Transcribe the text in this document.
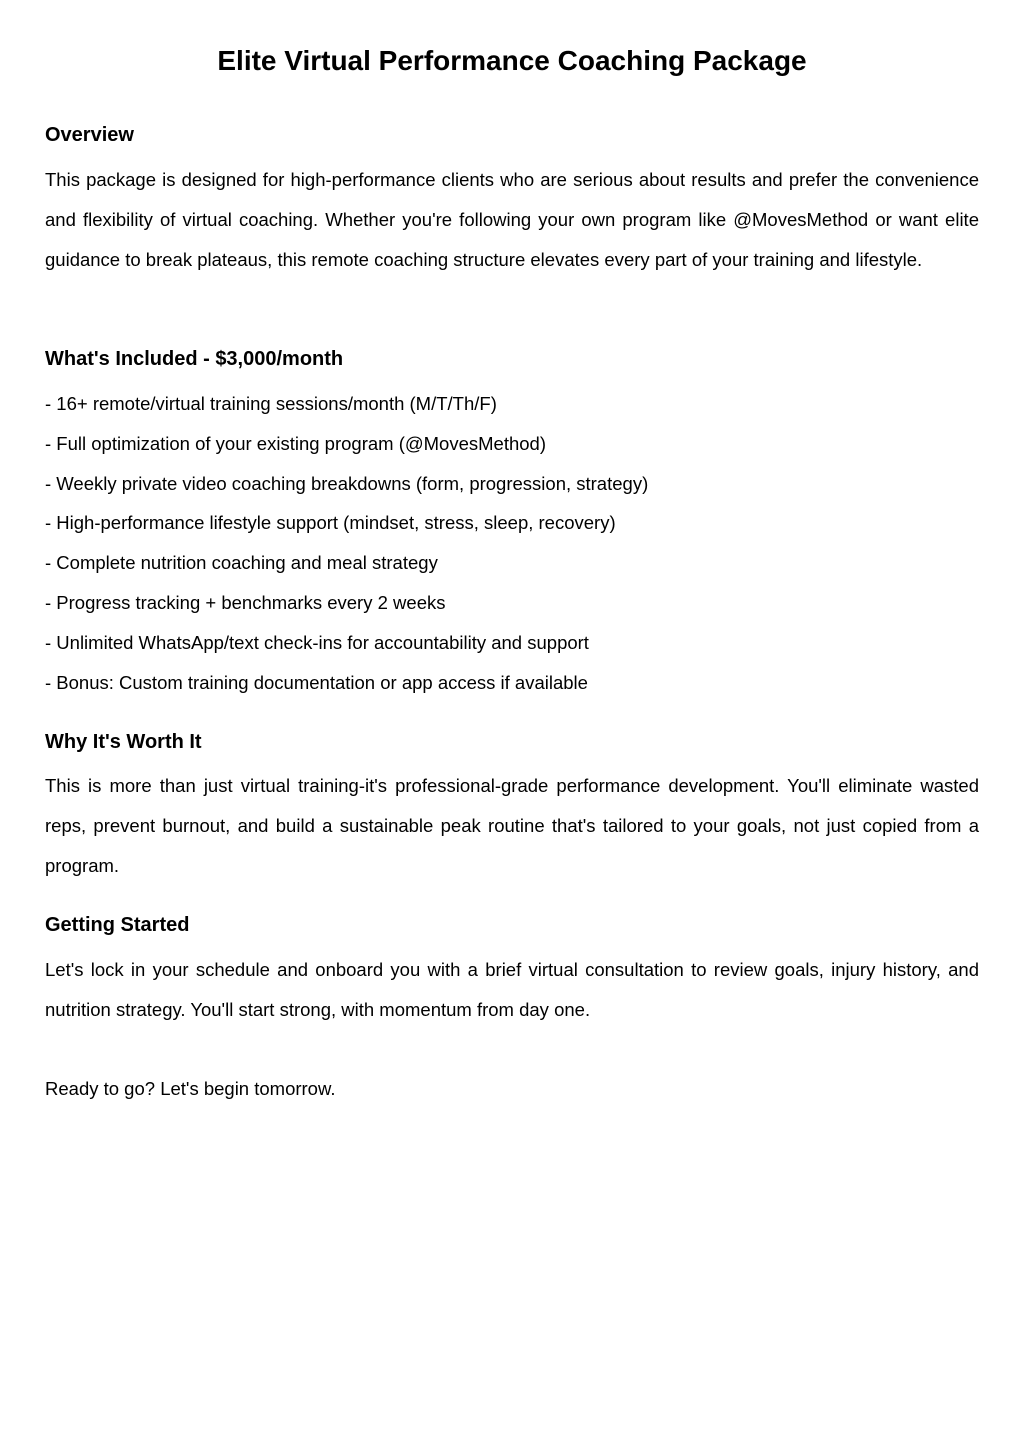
Elite Virtual Performance Coaching Package
Overview

This package is designed for high-performance clients who are serious about results and prefer the convenience and flexibility of virtual coaching. Whether you're following your own program like @MovesMethod or want elite guidance to break plateaus, this remote coaching structure elevates every part of your training and lifestyle.

What's Included - $3,000/month
- 16+ remote/virtual training sessions/month (M/T/Th/F)
- Full optimization of your existing program (@MovesMethod)
- Weekly private video coaching breakdowns (form, progression, strategy)
- High-performance lifestyle support (mindset, stress, sleep, recovery)
- Complete nutrition coaching and meal strategy
- Progress tracking + benchmarks every 2 weeks
- Unlimited WhatsApp/text check-ins for accountability and support
- Bonus: Custom training documentation or app access if available
Why It's Worth It

This is more than just virtual training-it's professional-grade performance development. You'll eliminate wasted reps, prevent burnout, and build a sustainable peak routine that's tailored to your goals, not just copied from a program.

Getting Started

Let's lock in your schedule and onboard you with a brief virtual consultation to review goals, injury history, and nutrition strategy. You'll start strong, with momentum from day one.

Ready to go? Let's begin tomorrow.
